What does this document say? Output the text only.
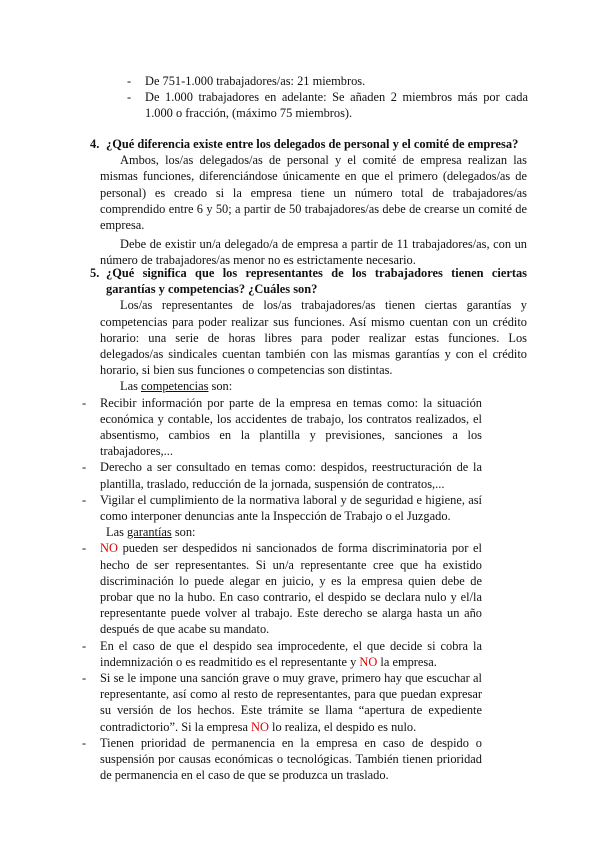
- De 751-1.000 trabajadores/as: 21 miembros.
- De 1.000 trabajadores en adelante: Se añaden 2 miembros más por cada 1.000 o fracción, (máximo 75 miembros).
4. ¿Qué diferencia existe entre los delegados de personal y el comité de empresa?

Ambos, los/as delegados/as de personal y el comité de empresa realizan las mismas funciones, diferenciándose únicamente en que el primero (delegados/as de personal) es creado si la empresa tiene un número total de trabajadores/as comprendido entre 6 y 50; a partir de 50 trabajadores/as debe de crearse un comité de empresa.

Debe de existir un/a delegado/a de empresa a partir de 11 trabajadores/as, con un número de trabajadores/as menor no es estrictamente necesario.

5. ¿Qué significa que los representantes de los trabajadores tienen ciertas garantías y competencias? ¿Cuáles son?

Los/as representantes de los/as trabajadores/as tienen ciertas garantías y competencias para poder realizar sus funciones. Así mismo cuentan con un crédito horario: una serie de horas libres para poder realizar estas funciones. Los delegados/as sindicales cuentan también con las mismas garantías y con el crédito horario, si bien sus funciones o competencias son distintas.

Las competencias son:

- Recibir información por parte de la empresa en temas como: la situación económica y contable, los accidentes de trabajo, los contratos realizados, el absentismo, cambios en la plantilla y previsiones, sanciones a los trabajadores,...
- Derecho a ser consultado en temas como: despidos, reestructuración de la plantilla, traslado, reducción de la jornada, suspensión de contratos,...
- Vigilar el cumplimiento de la normativa laboral y de seguridad e higiene, así como interponer denuncias ante la Inspección de Trabajo o el Juzgado.

Las garantías son:

- NO pueden ser despedidos ni sancionados de forma discriminatoria por el hecho de ser representantes. Si un/a representante cree que ha existido discriminación lo puede alegar en juicio, y es la empresa quien debe de probar que no la hubo. En caso contrario, el despido se declara nulo y el/la representante puede volver al trabajo. Este derecho se alarga hasta un año después de que acabe su mandato.
- En el caso de que el despido sea improcedente, el que decide si cobra la indemnización o es readmitido es el representante y NO la empresa.
- Si se le impone una sanción grave o muy grave, primero hay que escuchar al representante, así como al resto de representantes, para que puedan expresar su versión de los hechos. Este trámite se llama “apertura de expediente contradictorio”. Si la empresa NO lo realiza, el despido es nulo.
- Tienen prioridad de permanencia en la empresa en caso de despido o suspensión por causas económicas o tecnológicas. También tienen prioridad de permanencia en el caso de que se produzca un traslado.
